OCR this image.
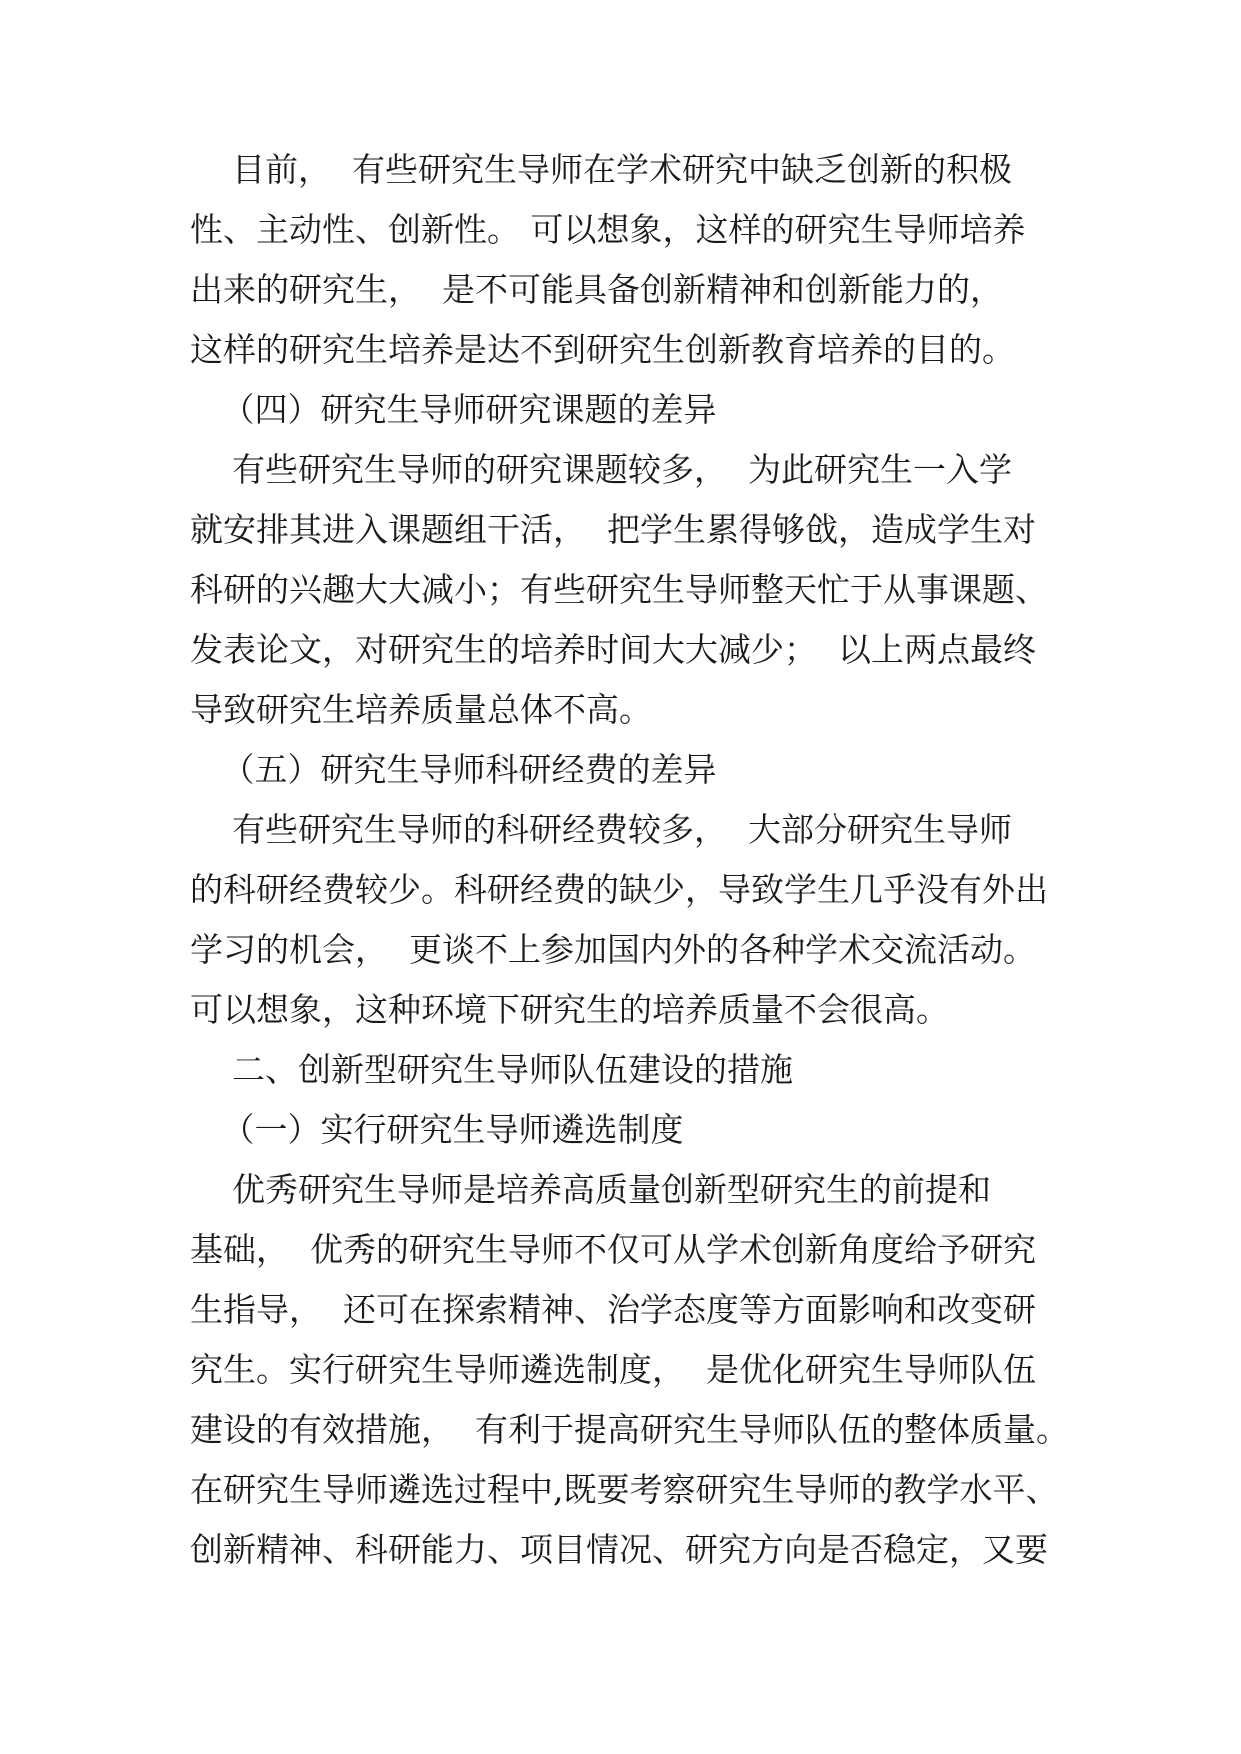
目前，  有些研究生导师在学术研究中缺乏创新的积极
性、主动性、创新性。 可以想象，这样的研究生导师培养
出来的研究生，  是不可能具备创新精神和创新能力的，
这样的研究生培养是达不到研究生创新教育培养的目的。
（四）研究生导师研究课题的差异
有些研究生导师的研究课题较多，  为此研究生一入学
就安排其进入课题组干活，  把学生累得够戗，造成学生对
科研的兴趣大大减小；有些研究生导师整天忙于从事课题、
发表论文，对研究生的培养时间大大减少；  以上两点最终
导致研究生培养质量总体不高。
（五）研究生导师科研经费的差异
有些研究生导师的科研经费较多，  大部分研究生导师
的科研经费较少。科研经费的缺少，导致学生几乎没有外出
学习的机会，  更谈不上参加国内外的各种学术交流活动。
可以想象，这种环境下研究生的培养质量不会很高。
二、创新型研究生导师队伍建设的措施
（一）实行研究生导师遴选制度
优秀研究生导师是培养高质量创新型研究生的前提和
基础，  优秀的研究生导师不仅可从学术创新角度给予研究
生指导，  还可在探索精神、治学态度等方面影响和改变研
究生。实行研究生导师遴选制度，  是优化研究生导师队伍
建设的有效措施，  有利于提高研究生导师队伍的整体质量。
在研究生导师遴选过程中,既要考察研究生导师的教学水平、
创新精神、科研能力、项目情况、研究方向是否稳定，又要
